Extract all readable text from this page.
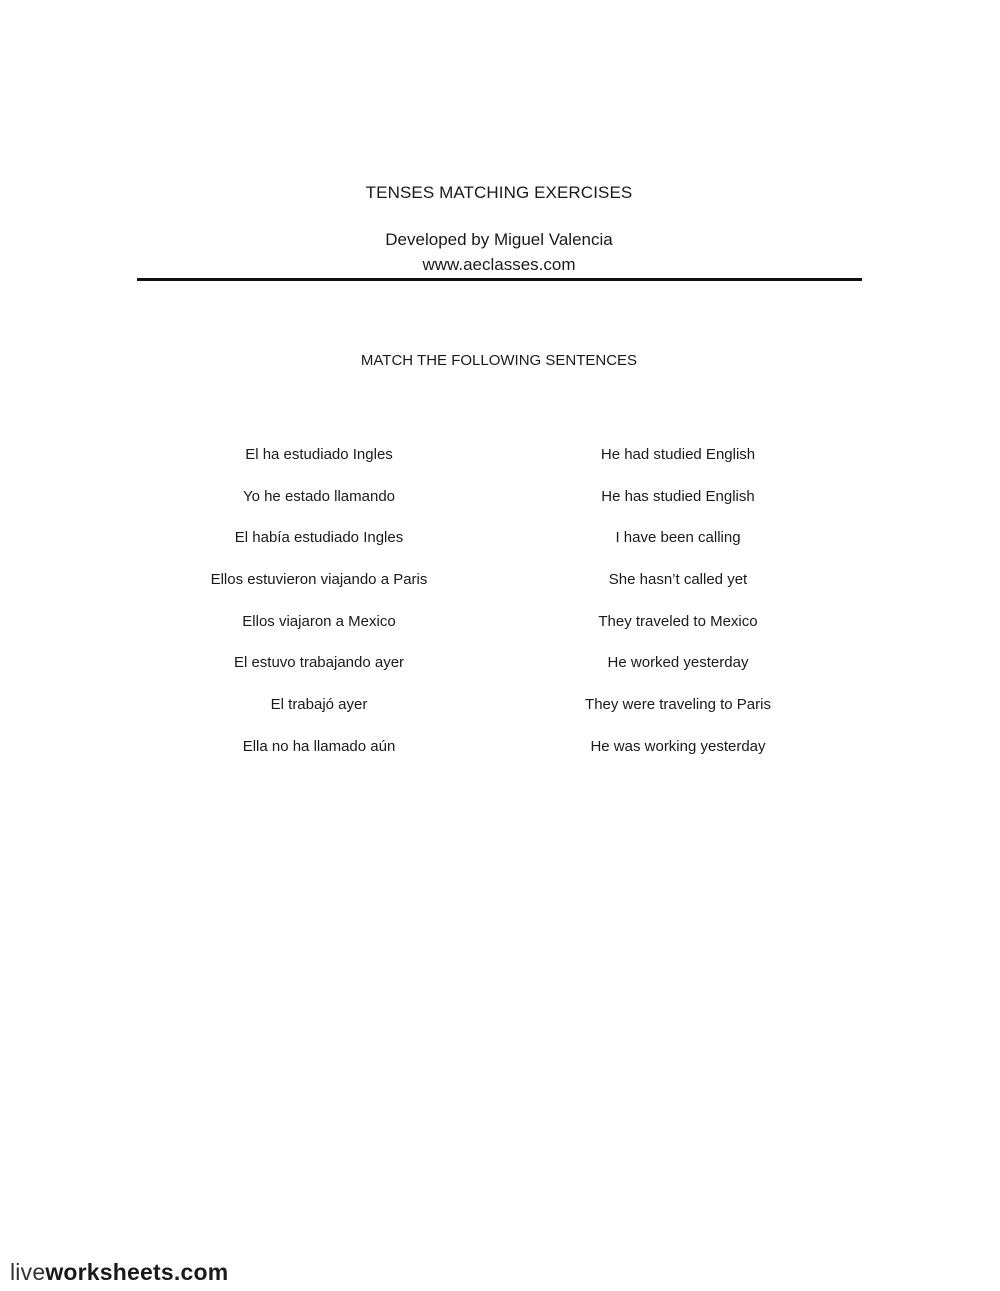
TENSES MATCHING EXERCISES
Developed by Miguel Valencia
www.aeclasses.com
MATCH THE FOLLOWING SENTENCES
El ha estudiado Ingles
Yo he estado llamando
El había estudiado Ingles
Ellos estuvieron viajando a Paris
Ellos viajaron a Mexico
El estuvo trabajando ayer
El trabajó ayer
Ella no ha llamado aún
He had studied English
He has studied English
I have been calling
She hasn’t called yet
They traveled to Mexico
He worked yesterday
They were traveling to Paris
He was working yesterday
liveworksheets.com
